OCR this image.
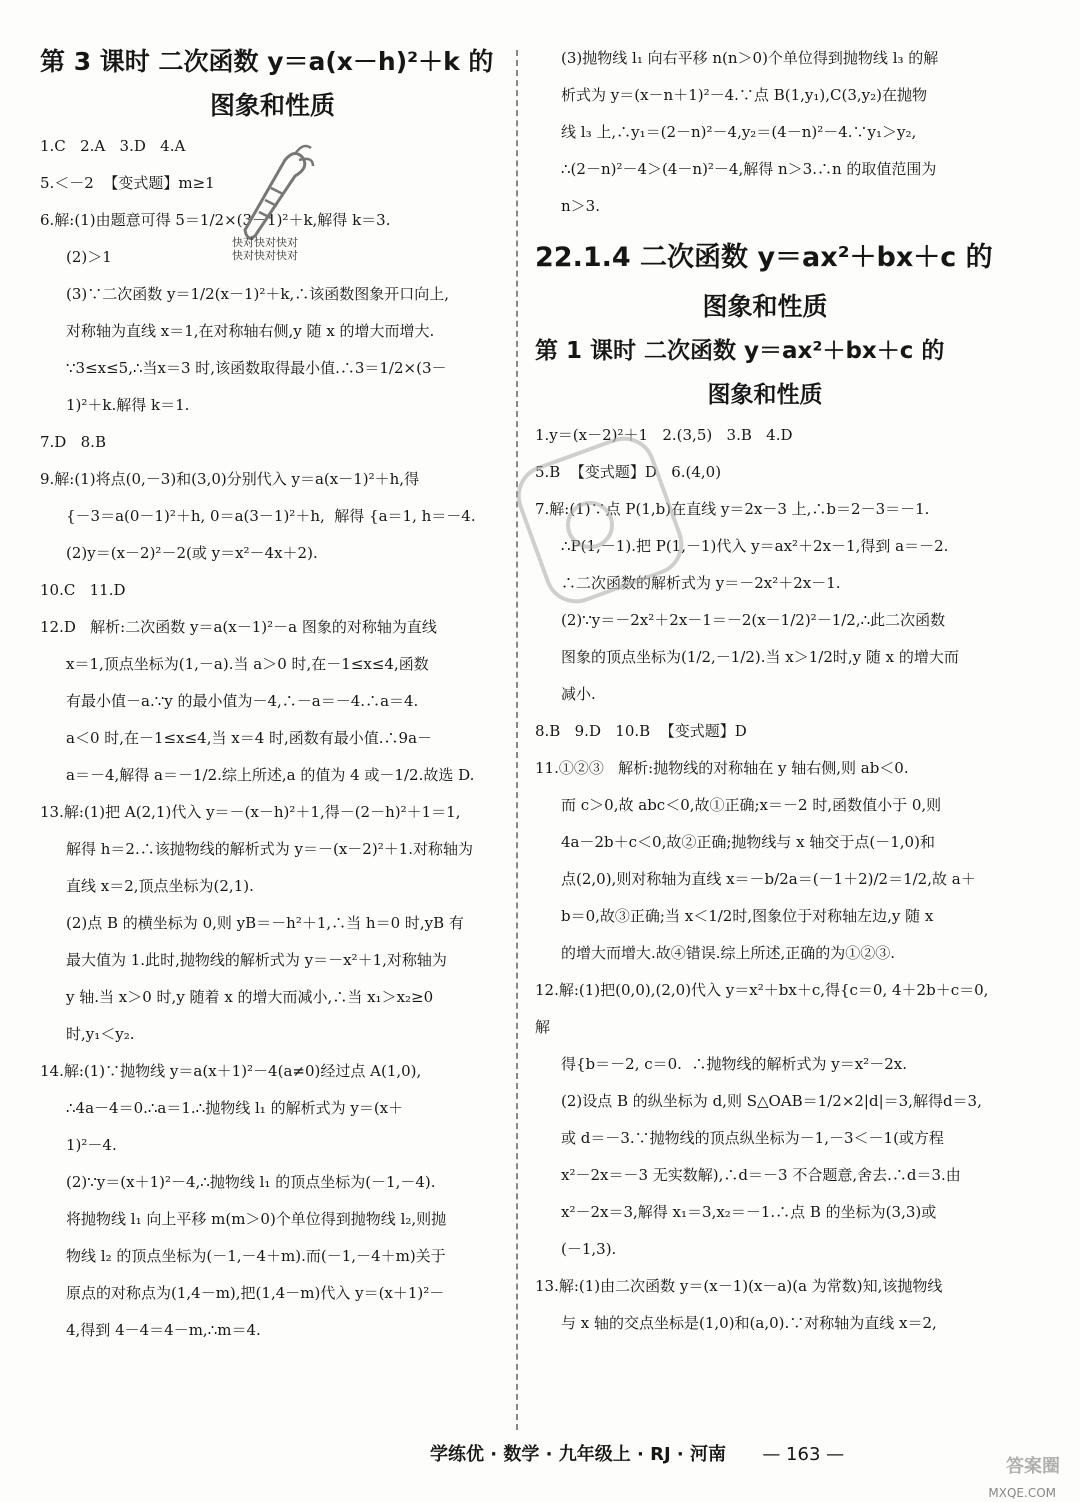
第 3 课时 二次函数 y＝a(x－h)²＋k 的
图象和性质
1.C   2.A   3.D   4.A
5.＜－2  【变式题】m≥1
6.解:(1)由题意可得 5＝1/2×(3－1)²＋k,解得 k＝3.
(2)＞1
(3)∵二次函数 y＝1/2(x－1)²＋k,∴该函数图象开口向上,
对称轴为直线 x＝1,在对称轴右侧,y 随 x 的增大而增大.
∵3≤x≤5,∴当x＝3 时,该函数取得最小值.∴3＝1/2×(3－
1)²＋k.解得 k＝1.
7.D   8.B
9.解:(1)将点(0,－3)和(3,0)分别代入 y＝a(x－1)²＋h,得
{－3＝a(0－1)²＋h, 0＝a(3－1)²＋h,  解得 {a＝1, h＝－4.
(2)y＝(x－2)²－2(或 y＝x²－4x＋2).
10.C   11.D
12.D   解析:二次函数 y＝a(x－1)²－a 图象的对称轴为直线
x＝1,顶点坐标为(1,－a).当 a＞0 时,在－1≤x≤4,函数
有最小值－a.∵y 的最小值为－4,∴－a＝－4.∴a＝4.
a＜0 时,在－1≤x≤4,当 x＝4 时,函数有最小值.∴9a－
a＝－4,解得 a＝－1/2.综上所述,a 的值为 4 或－1/2.故选 D.
13.解:(1)把 A(2,1)代入 y＝－(x－h)²＋1,得－(2－h)²＋1＝1,
解得 h＝2.∴该抛物线的解析式为 y＝－(x－2)²＋1.对称轴为
直线 x＝2,顶点坐标为(2,1).
(2)点 B 的横坐标为 0,则 yB＝－h²＋1,∴当 h＝0 时,yB 有
最大值为 1.此时,抛物线的解析式为 y＝－x²＋1,对称轴为
y 轴.当 x＞0 时,y 随着 x 的增大而减小,∴当 x₁＞x₂≥0
时,y₁＜y₂.
14.解:(1)∵抛物线 y＝a(x＋1)²－4(a≠0)经过点 A(1,0),
∴4a－4＝0.∴a＝1.∴抛物线 l₁ 的解析式为 y＝(x＋
1)²－4.
(2)∵y＝(x＋1)²－4,∴抛物线 l₁ 的顶点坐标为(－1,－4).
将抛物线 l₁ 向上平移 m(m＞0)个单位得到抛物线 l₂,则抛
物线 l₂ 的顶点坐标为(－1,－4＋m).而(－1,－4＋m)关于
原点的对称点为(1,4－m),把(1,4－m)代入 y＝(x＋1)²－
4,得到 4－4＝4－m,∴m＝4.
(3)抛物线 l₁ 向右平移 n(n＞0)个单位得到抛物线 l₃ 的解
析式为 y＝(x－n＋1)²－4.∵点 B(1,y₁),C(3,y₂)在抛物
线 l₃ 上,∴y₁＝(2－n)²－4,y₂＝(4－n)²－4.∵y₁＞y₂,
∴(2－n)²－4＞(4－n)²－4,解得 n＞3.∴n 的取值范围为
n＞3.
22.1.4 二次函数 y＝ax²＋bx＋c 的
图象和性质
第 1 课时 二次函数 y＝ax²＋bx＋c 的
图象和性质
1.y＝(x－2)²＋1   2.(3,5)   3.B   4.D
5.B  【变式题】D   6.(4,0)
7.解:(1)∵点 P(1,b)在直线 y＝2x－3 上,∴b＝2－3＝－1.
∴P(1,－1).把 P(1,－1)代入 y＝ax²＋2x－1,得到 a＝－2.
∴二次函数的解析式为 y＝－2x²＋2x－1.
(2)∵y＝－2x²＋2x－1＝－2(x－1/2)²－1/2,∴此二次函数
图象的顶点坐标为(1/2,－1/2).当 x＞1/2时,y 随 x 的增大而
减小.
8.B   9.D   10.B  【变式题】D
11.①②③   解析:抛物线的对称轴在 y 轴右侧,则 ab＜0.
而 c＞0,故 abc＜0,故①正确;x＝－2 时,函数值小于 0,则
4a－2b＋c＜0,故②正确;抛物线与 x 轴交于点(－1,0)和
点(2,0),则对称轴为直线 x＝－b/2a＝(－1＋2)/2＝1/2,故 a＋
b＝0,故③正确;当 x＜1/2时,图象位于对称轴左边,y 随 x
的增大而增大.故④错误.综上所述,正确的为①②③.
12.解:(1)把(0,0),(2,0)代入 y＝x²＋bx＋c,得{c＝0, 4＋2b＋c＝0, 解
得{b＝－2, c＝0.  ∴抛物线的解析式为 y＝x²－2x.
(2)设点 B 的纵坐标为 d,则 S△OAB＝1/2×2|d|＝3,解得d＝3,
或 d＝－3.∵抛物线的顶点纵坐标为－1,－3＜－1(或方程
x²－2x＝－3 无实数解),∴d＝－3 不合题意,舍去.∴d＝3.由
x²－2x＝3,解得 x₁＝3,x₂＝－1.∴点 B 的坐标为(3,3)或
(－1,3).
13.解:(1)由二次函数 y＝(x－1)(x－a)(a 为常数)知,该抛物线
与 x 轴的交点坐标是(1,0)和(a,0).∵对称轴为直线 x＝2,
快对快对快对
快对快对快对
学练优 · 数学 · 九年级上 · RJ · 河南 — 163 —
答案圈
MXQE.COM
